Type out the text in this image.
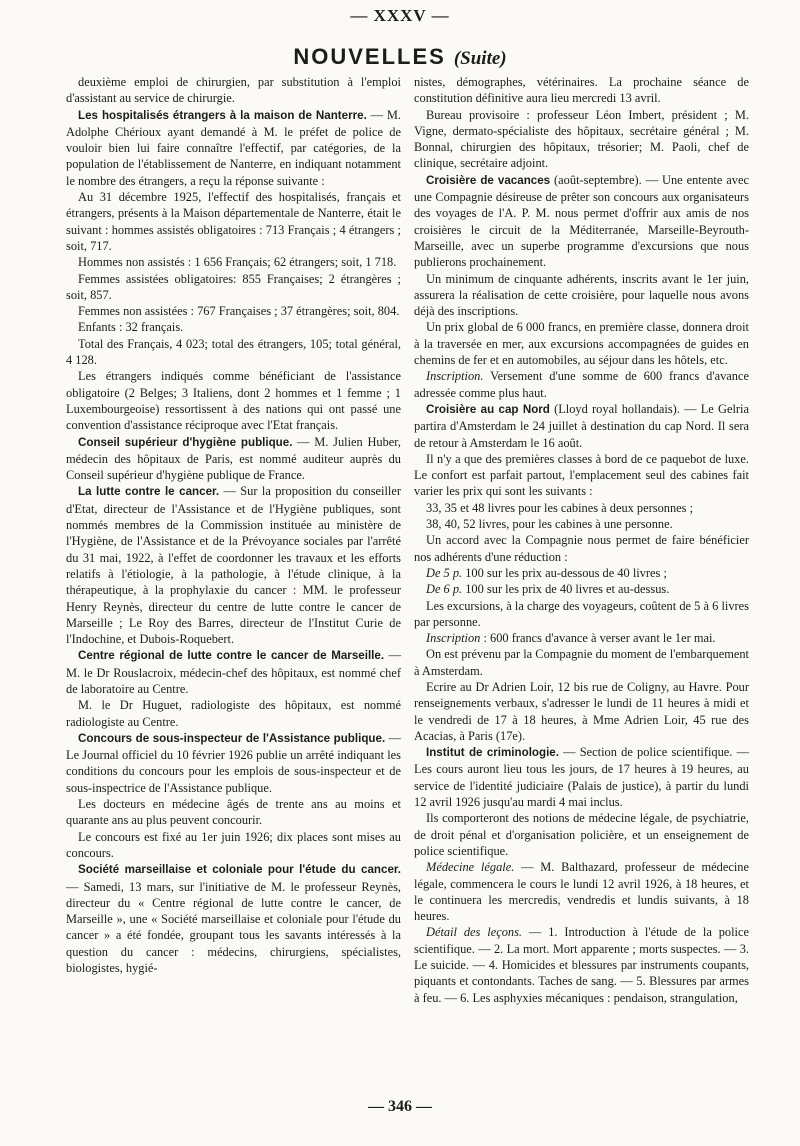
— XXXV —
NOUVELLES (Suite)

deuxième emploi de chirurgien, par substitution à l'emploi d'assistant au service de chirurgie.

Les hospitalisés étrangers à la maison de Nanterre. — M. Adolphe Chérioux ayant demandé à M. le préfet de police de vouloir bien lui faire connaître l'effectif, par catégories, de la population de l'établissement de Nanterre, en indiquant notamment le nombre des étrangers, a reçu la réponse suivante :

Au 31 décembre 1925, l'effectif des hospitalisés, français et étrangers, présents à la Maison départementale de Nanterre, était le suivant : hommes assistés obligatoires : 713 Français ; 4 étrangers ; soit, 717.

Hommes non assistés : 1 656 Français; 62 étrangers; soit, 1 718.

Femmes assistées obligatoires: 855 Françaises; 2 étrangères ; soit, 857.

Femmes non assistées : 767 Françaises ; 37 étrangères; soit, 804.

Enfants : 32 français.

Total des Français, 4 023; total des étrangers, 105; total général, 4 128.

Les étrangers indiqués comme bénéficiant de l'assistance obligatoire (2 Belges; 3 Italiens, dont 2 hommes et 1 femme ; 1 Luxembourgeoise) ressortissent à des nations qui ont passé une convention d'assistance réciproque avec l'Etat français.

Conseil supérieur d'hygiène publique. — M. Julien Huber, médecin des hôpitaux de Paris, est nommé auditeur auprès du Conseil supérieur d'hygiène publique de France.

La lutte contre le cancer. — Sur la proposition du conseiller d'Etat, directeur de l'Assistance et de l'Hygiène publiques, sont nommés membres de la Commission instituée au ministère de l'Hygiène, de l'Assistance et de la Prévoyance sociales par l'arrêté du 31 mai, 1922, à l'effet de coordonner les travaux et les efforts relatifs à l'étiologie, à la pathologie, à l'étude clinique, à la thérapeutique, à la prophylaxie du cancer : MM. le professeur Henry Reynès, directeur du centre de lutte contre le cancer de Marseille ; Le Roy des Barres, directeur de l'Institut Curie de l'Indochine, et Dubois-Roquebert.

Centre régional de lutte contre le cancer de Marseille. — M. le Dr Rouslacroix, médecin-chef des hôpitaux, est nommé chef de laboratoire au Centre.

M. le Dr Huguet, radiologiste des hôpitaux, est nommé radiologiste au Centre.

Concours de sous-inspecteur de l'Assistance publique. — Le Journal officiel du 10 février 1926 publie un arrêté indiquant les conditions du concours pour les emplois de sous-inspecteur et de sous-inspectrice de l'Assistance publique.

Les docteurs en médecine âgés de trente ans au moins et quarante ans au plus peuvent concourir.

Le concours est fixé au 1er juin 1926; dix places sont mises au concours.

Société marseillaise et coloniale pour l'étude du cancer. — Samedi, 13 mars, sur l'initiative de M. le professeur Reynès, directeur du « Centre régional de lutte contre le cancer, de Marseille », une « Société marseillaise et coloniale pour l'étude du cancer » a été fondée, groupant tous les savants intéressés à la question du cancer : médecins, chirurgiens, spécialistes, biologistes, hygié-

nistes, démographes, vétérinaires. La prochaine séance de constitution définitive aura lieu mercredi 13 avril.

Bureau provisoire : professeur Léon Imbert, président ; M. Vigne, dermato-spécialiste des hôpitaux, secrétaire général ; M. Bonnal, chirurgien des hôpitaux, trésorier; M. Paoli, chef de clinique, secrétaire adjoint.

Croisière de vacances (août-septembre). — Une entente avec une Compagnie désireuse de prêter son concours aux organisateurs des voyages de l'A. P. M. nous permet d'offrir aux amis de nos croisières le circuit de la Méditerranée, Marseille-Beyrouth-Marseille, avec un superbe programme d'excursions que nous publierons prochainement.

Un minimum de cinquante adhérents, inscrits avant le 1er juin, assurera la réalisation de cette croisière, pour laquelle nous avons déjà des inscriptions.

Un prix global de 6 000 francs, en première classe, donnera droit à la traversée en mer, aux excursions accompagnées de guides en chemins de fer et en automobiles, au séjour dans les hôtels, etc.

Inscription. Versement d'une somme de 600 francs d'avance adressée comme plus haut.

Croisière au cap Nord (Lloyd royal hollandais). — Le Gelria partira d'Amsterdam le 24 juillet à destination du cap Nord. Il sera de retour à Amsterdam le 16 août.

Il n'y a que des premières classes à bord de ce paquebot de luxe. Le confort est parfait partout, l'emplacement seul des cabines fait varier les prix qui sont les suivants :

33, 35 et 48 livres pour les cabines à deux personnes ;

38, 40, 52 livres, pour les cabines à une personne.

Un accord avec la Compagnie nous permet de faire bénéficier nos adhérents d'une réduction :

De 5 p. 100 sur les prix au-dessous de 40 livres ;

De 6 p. 100 sur les prix de 40 livres et au-dessus.

Les excursions, à la charge des voyageurs, coûtent de 5 à 6 livres par personne.

Inscription : 600 francs d'avance à verser avant le 1er mai.

On est prévenu par la Compagnie du moment de l'embarquement à Amsterdam.

Ecrire au Dr Adrien Loir, 12 bis rue de Coligny, au Havre. Pour renseignements verbaux, s'adresser le lundi de 11 heures à midi et le vendredi de 17 à 18 heures, à Mme Adrien Loir, 45 rue des Acacias, à Paris (17e).

Institut de criminologie. — Section de police scientifique. — Les cours auront lieu tous les jours, de 17 heures à 19 heures, au service de l'identité judiciaire (Palais de justice), à partir du lundi 12 avril 1926 jusqu'au mardi 4 mai inclus.

Ils comporteront des notions de médecine légale, de psychiatrie, de droit pénal et d'organisation policière, et un enseignement de police scientifique.

Médecine légale. — M. Balthazard, professeur de médecine légale, commencera le cours le lundi 12 avril 1926, à 18 heures, et le continuera les mercredis, vendredis et lundis suivants, à 18 heures.

Détail des leçons. — 1. Introduction à l'étude de la police scientifique. — 2. La mort. Mort apparente ; morts suspectes. — 3. Le suicide. — 4. Homicides et blessures par instruments coupants, piquants et contondants. Taches de sang. — 5. Blessures par armes à feu. — 6. Les asphyxies mécaniques : pendaison, strangulation,

— 346 —
